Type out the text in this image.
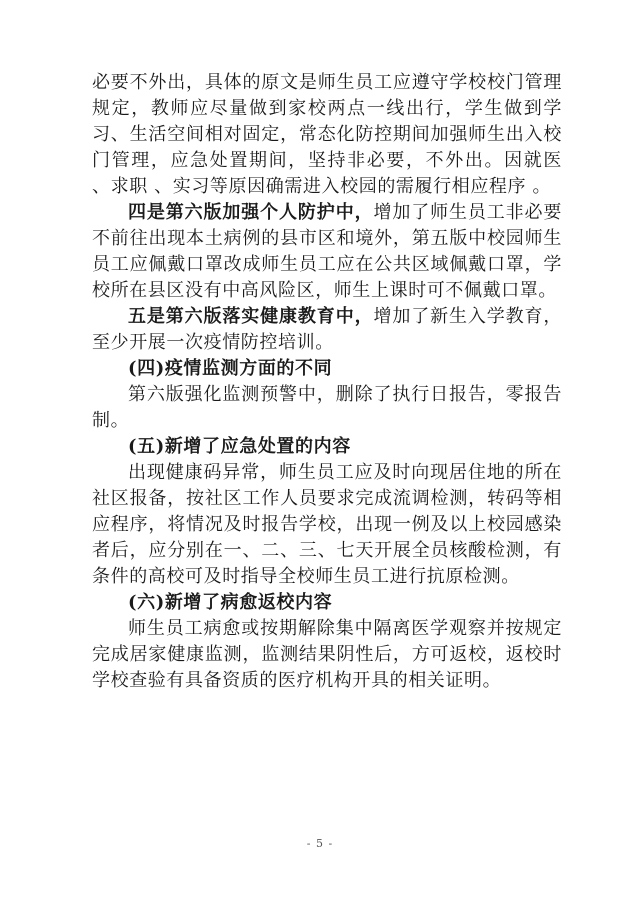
必要不外出，具体的原文是师生员工应遵守学校校门管理规定，教师应尽量做到家校两点一线出行，学生做到学习、生活空间相对固定，常态化防控期间加强师生出入校门管理，应急处置期间，坚持非必要，不外出。因就医 、求职 、实习等原因确需进入校园的需履行相应程序 。

四是第六版加强个人防护中，增加了师生员工非必要不前往出现本土病例的县市区和境外，第五版中校园师生员工应佩戴口罩改成师生员工应在公共区域佩戴口罩，学校所在县区没有中高风险区，师生上课时可不佩戴口罩。

五是第六版落实健康教育中，增加了新生入学教育，至少开展一次疫情防控培训。

(四)疫情监测方面的不同

第六版强化监测预警中，删除了执行日报告，零报告制。

(五)新增了应急处置的内容

出现健康码异常，师生员工应及时向现居住地的所在社区报备，按社区工作人员要求完成流调检测，转码等相应程序，将情况及时报告学校，出现一例及以上校园感染者后，应分别在一、二、三、七天开展全员核酸检测，有条件的高校可及时指导全校师生员工进行抗原检测。

(六)新增了病愈返校内容

师生员工病愈或按期解除集中隔离医学观察并按规定完成居家健康监测，监测结果阴性后，方可返校，返校时学校查验有具备资质的医疗机构开具的相关证明。

- 5 -
